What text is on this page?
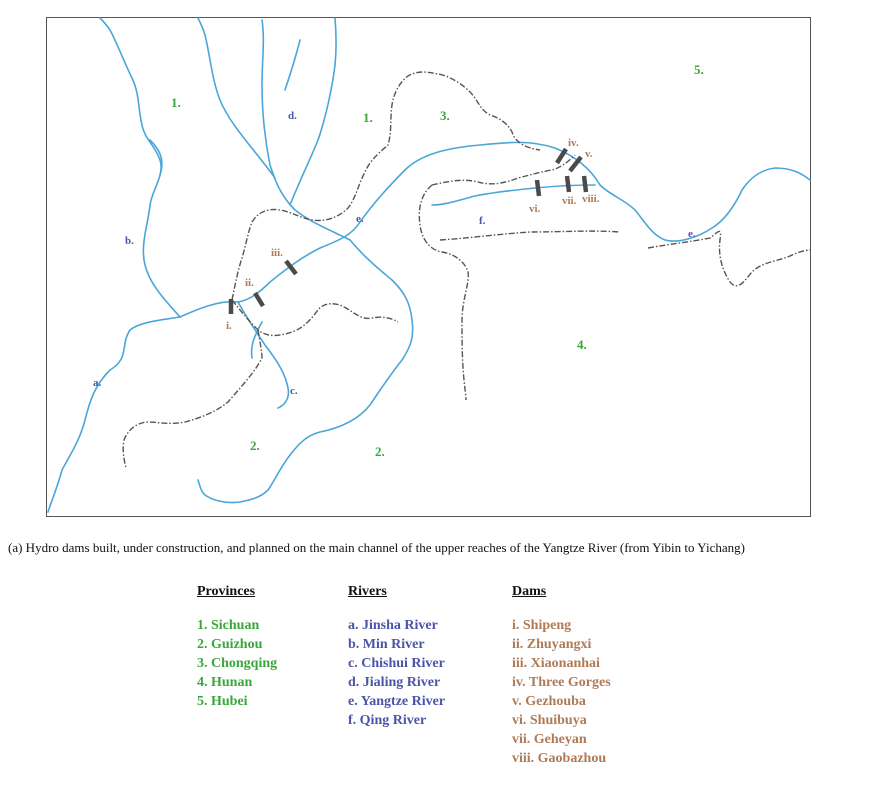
1.
1.
2.	2.
3.
4.
5.
a.
b.
c.
d.
e.
e.
f.
i.
ii.
iii.
iv.
v.
vi.
vii. viii.
(a) Hydro dams built, under construction, and planned on the main channel of the upper reaches of the Yangtze River (from Yibin to Yichang)
Provinces
1. Sichuan
2. Guizhou
3. Chongqing
4. Hunan
5. Hubei
Rivers
a. Jinsha River
b. Min River
c. Chishui River
d. Jialing River
e. Yangtze River
f. Qing River
Dams
i. Shipeng
ii. Zhuyangxi
iii. Xiaonanhai
iv. Three Gorges
v. Gezhouba
vi. Shuibuya
vii. Geheyan
viii. Gaobazhou
